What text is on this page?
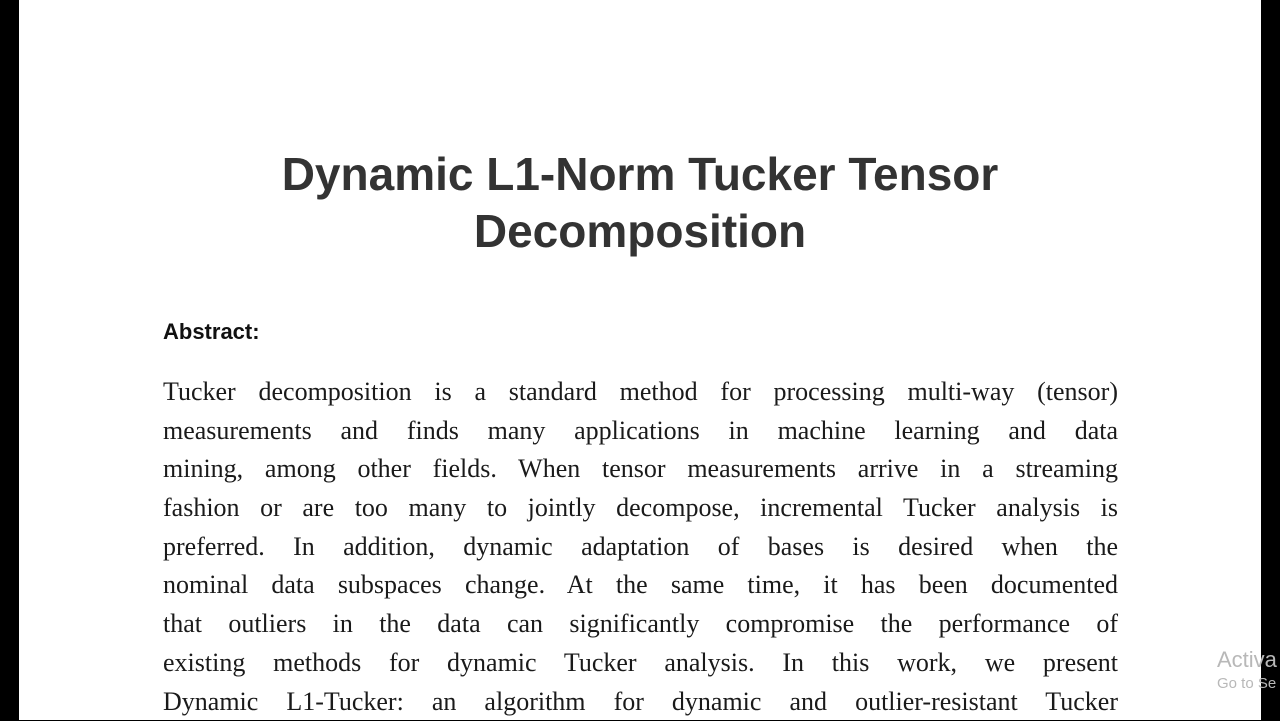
Dynamic L1-Norm Tucker Tensor
Decomposition
Abstract:
Tucker decomposition is a standard method for processing multi-way (tensor)
measurements and finds many applications in machine learning and data
mining, among other fields. When tensor measurements arrive in a streaming
fashion or are too many to jointly decompose, incremental Tucker analysis is
preferred. In addition, dynamic adaptation of bases is desired when the
nominal data subspaces change. At the same time, it has been documented
that outliers in the data can significantly compromise the performance of
existing methods for dynamic Tucker analysis. In this work, we present
Dynamic L1-Tucker: an algorithm for dynamic and outlier-resistant Tucker
Activa
Go to Se
